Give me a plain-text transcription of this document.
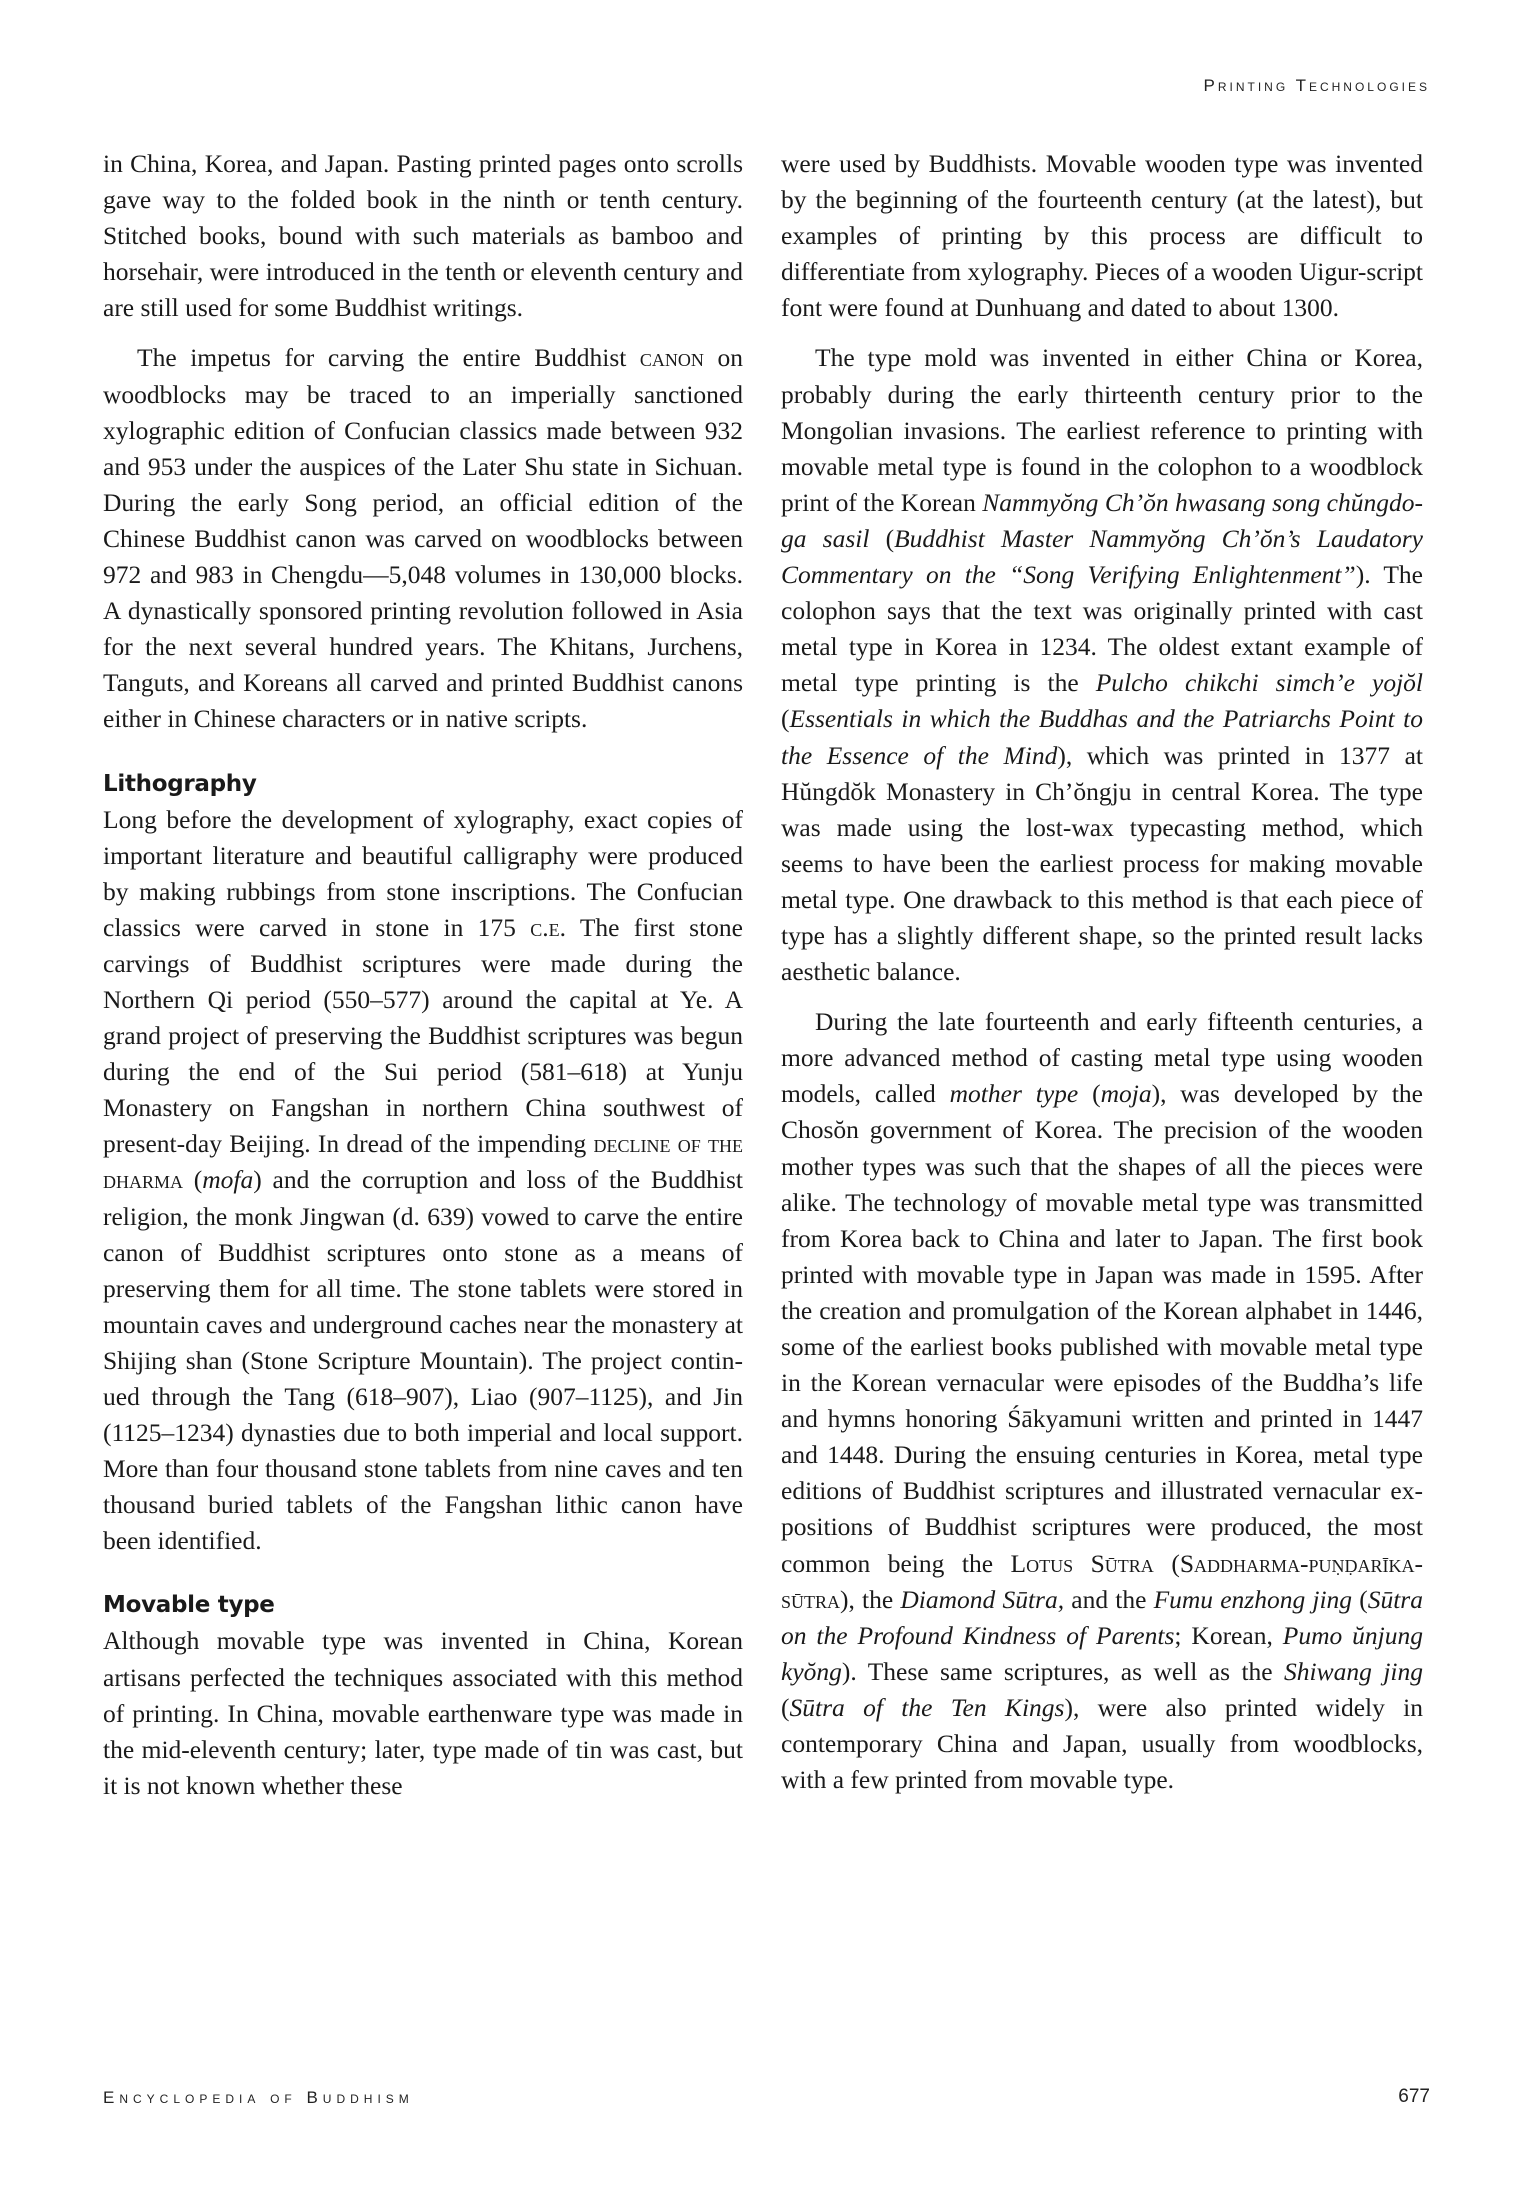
Printing Technologies

in China, Korea, and Japan. Pasting printed pages onto scrolls gave way to the folded book in the ninth or tenth century. Stitched books, bound with such materials as bamboo and horsehair, were introduced in the tenth or eleventh century and are still used for some Buddhist writings.

The impetus for carving the entire Buddhist canon on woodblocks may be traced to an imperially sanctioned xylographic edition of Confucian classics made between 932 and 953 under the auspices of the Later Shu state in Sichuan. During the early Song period, an official edition of the Chinese Buddhist canon was carved on woodblocks between 972 and 983 in Chengdu—5,048 volumes in 130,000 blocks. A dynastically sponsored printing revolution followed in Asia for the next several hundred years. The Khitans, Jurchens, Tanguts, and Koreans all carved and printed Buddhist canons either in Chinese characters or in native scripts.

Lithography

Long before the development of xylography, exact copies of important literature and beautiful calligraphy were produced by making rubbings from stone inscriptions. The Confucian classics were carved in stone in 175 c.e. The first stone carvings of Buddhist scriptures were made during the Northern Qi period (550–577) around the capital at Ye. A grand project of preserving the Buddhist scriptures was begun during the end of the Sui period (581–618) at Yunju Monastery on Fangshan in northern China southwest of present-day Beijing. In dread of the impending decline of the dharma (mofa) and the corruption and loss of the Buddhist religion, the monk Jingwan (d. 639) vowed to carve the entire canon of Buddhist scriptures onto stone as a means of preserving them for all time. The stone tablets were stored in mountain caves and underground caches near the monastery at Shijing shan (Stone Scripture Mountain). The project continued through the Tang (618–907), Liao (907–1125), and Jin (1125–1234) dynasties due to both imperial and local support. More than four thousand stone tablets from nine caves and ten thousand buried tablets of the Fangshan lithic canon have been identified.

Movable type

Although movable type was invented in China, Korean artisans perfected the techniques associated with this method of printing. In China, movable earthenware type was made in the mid-eleventh century; later, type made of tin was cast, but it is not known whether these

were used by Buddhists. Movable wooden type was invented by the beginning of the fourteenth century (at the latest), but examples of printing by this process are difficult to differentiate from xylography. Pieces of a wooden Uigur-script font were found at Dunhuang and dated to about 1300.

The type mold was invented in either China or Korea, probably during the early thirteenth century prior to the Mongolian invasions. The earliest reference to printing with movable metal type is found in the colophon to a woodblock print of the Korean Nammyŏng Ch’ŏn hwasang song chŭngdo-ga sasil (Buddhist Master Nammyŏng Ch’ŏn’s Laudatory Commentary on the “Song Verifying Enlightenment”). The colophon says that the text was originally printed with cast metal type in Korea in 1234. The oldest extant example of metal type printing is the Pulcho chikchi simch’e yojŏl (Essentials in which the Buddhas and the Patriarchs Point to the Essence of the Mind), which was printed in 1377 at Hŭngdŏk Monastery in Ch’ŏngju in central Korea. The type was made using the lost-wax typecasting method, which seems to have been the earliest process for making movable metal type. One drawback to this method is that each piece of type has a slightly different shape, so the printed result lacks aesthetic balance.

During the late fourteenth and early fifteenth centuries, a more advanced method of casting metal type using wooden models, called mother type (moja), was developed by the Chosŏn government of Korea. The precision of the wooden mother types was such that the shapes of all the pieces were alike. The technology of movable metal type was transmitted from Korea back to China and later to Japan. The first book printed with movable type in Japan was made in 1595. After the creation and promulgation of the Korean alphabet in 1446, some of the earliest books published with movable metal type in the Korean vernacular were episodes of the Buddha’s life and hymns honoring Śākyamuni written and printed in 1447 and 1448. During the ensuing centuries in Korea, metal type editions of Buddhist scriptures and illustrated vernacular expositions of Buddhist scriptures were produced, the most common being the Lotus Sūtra (Saddharma-puṇḍarīka-sūtra), the Diamond Sūtra, and the Fumu enzhong jing (Sūtra on the Profound Kindness of Parents; Korean, Pumo ŭnjung kyŏng). These same scriptures, as well as the Shiwang jing (Sūtra of the Ten Kings), were also printed widely in contemporary China and Japan, usually from woodblocks, with a few printed from movable type.

Encyclopedia of Buddhism	677
